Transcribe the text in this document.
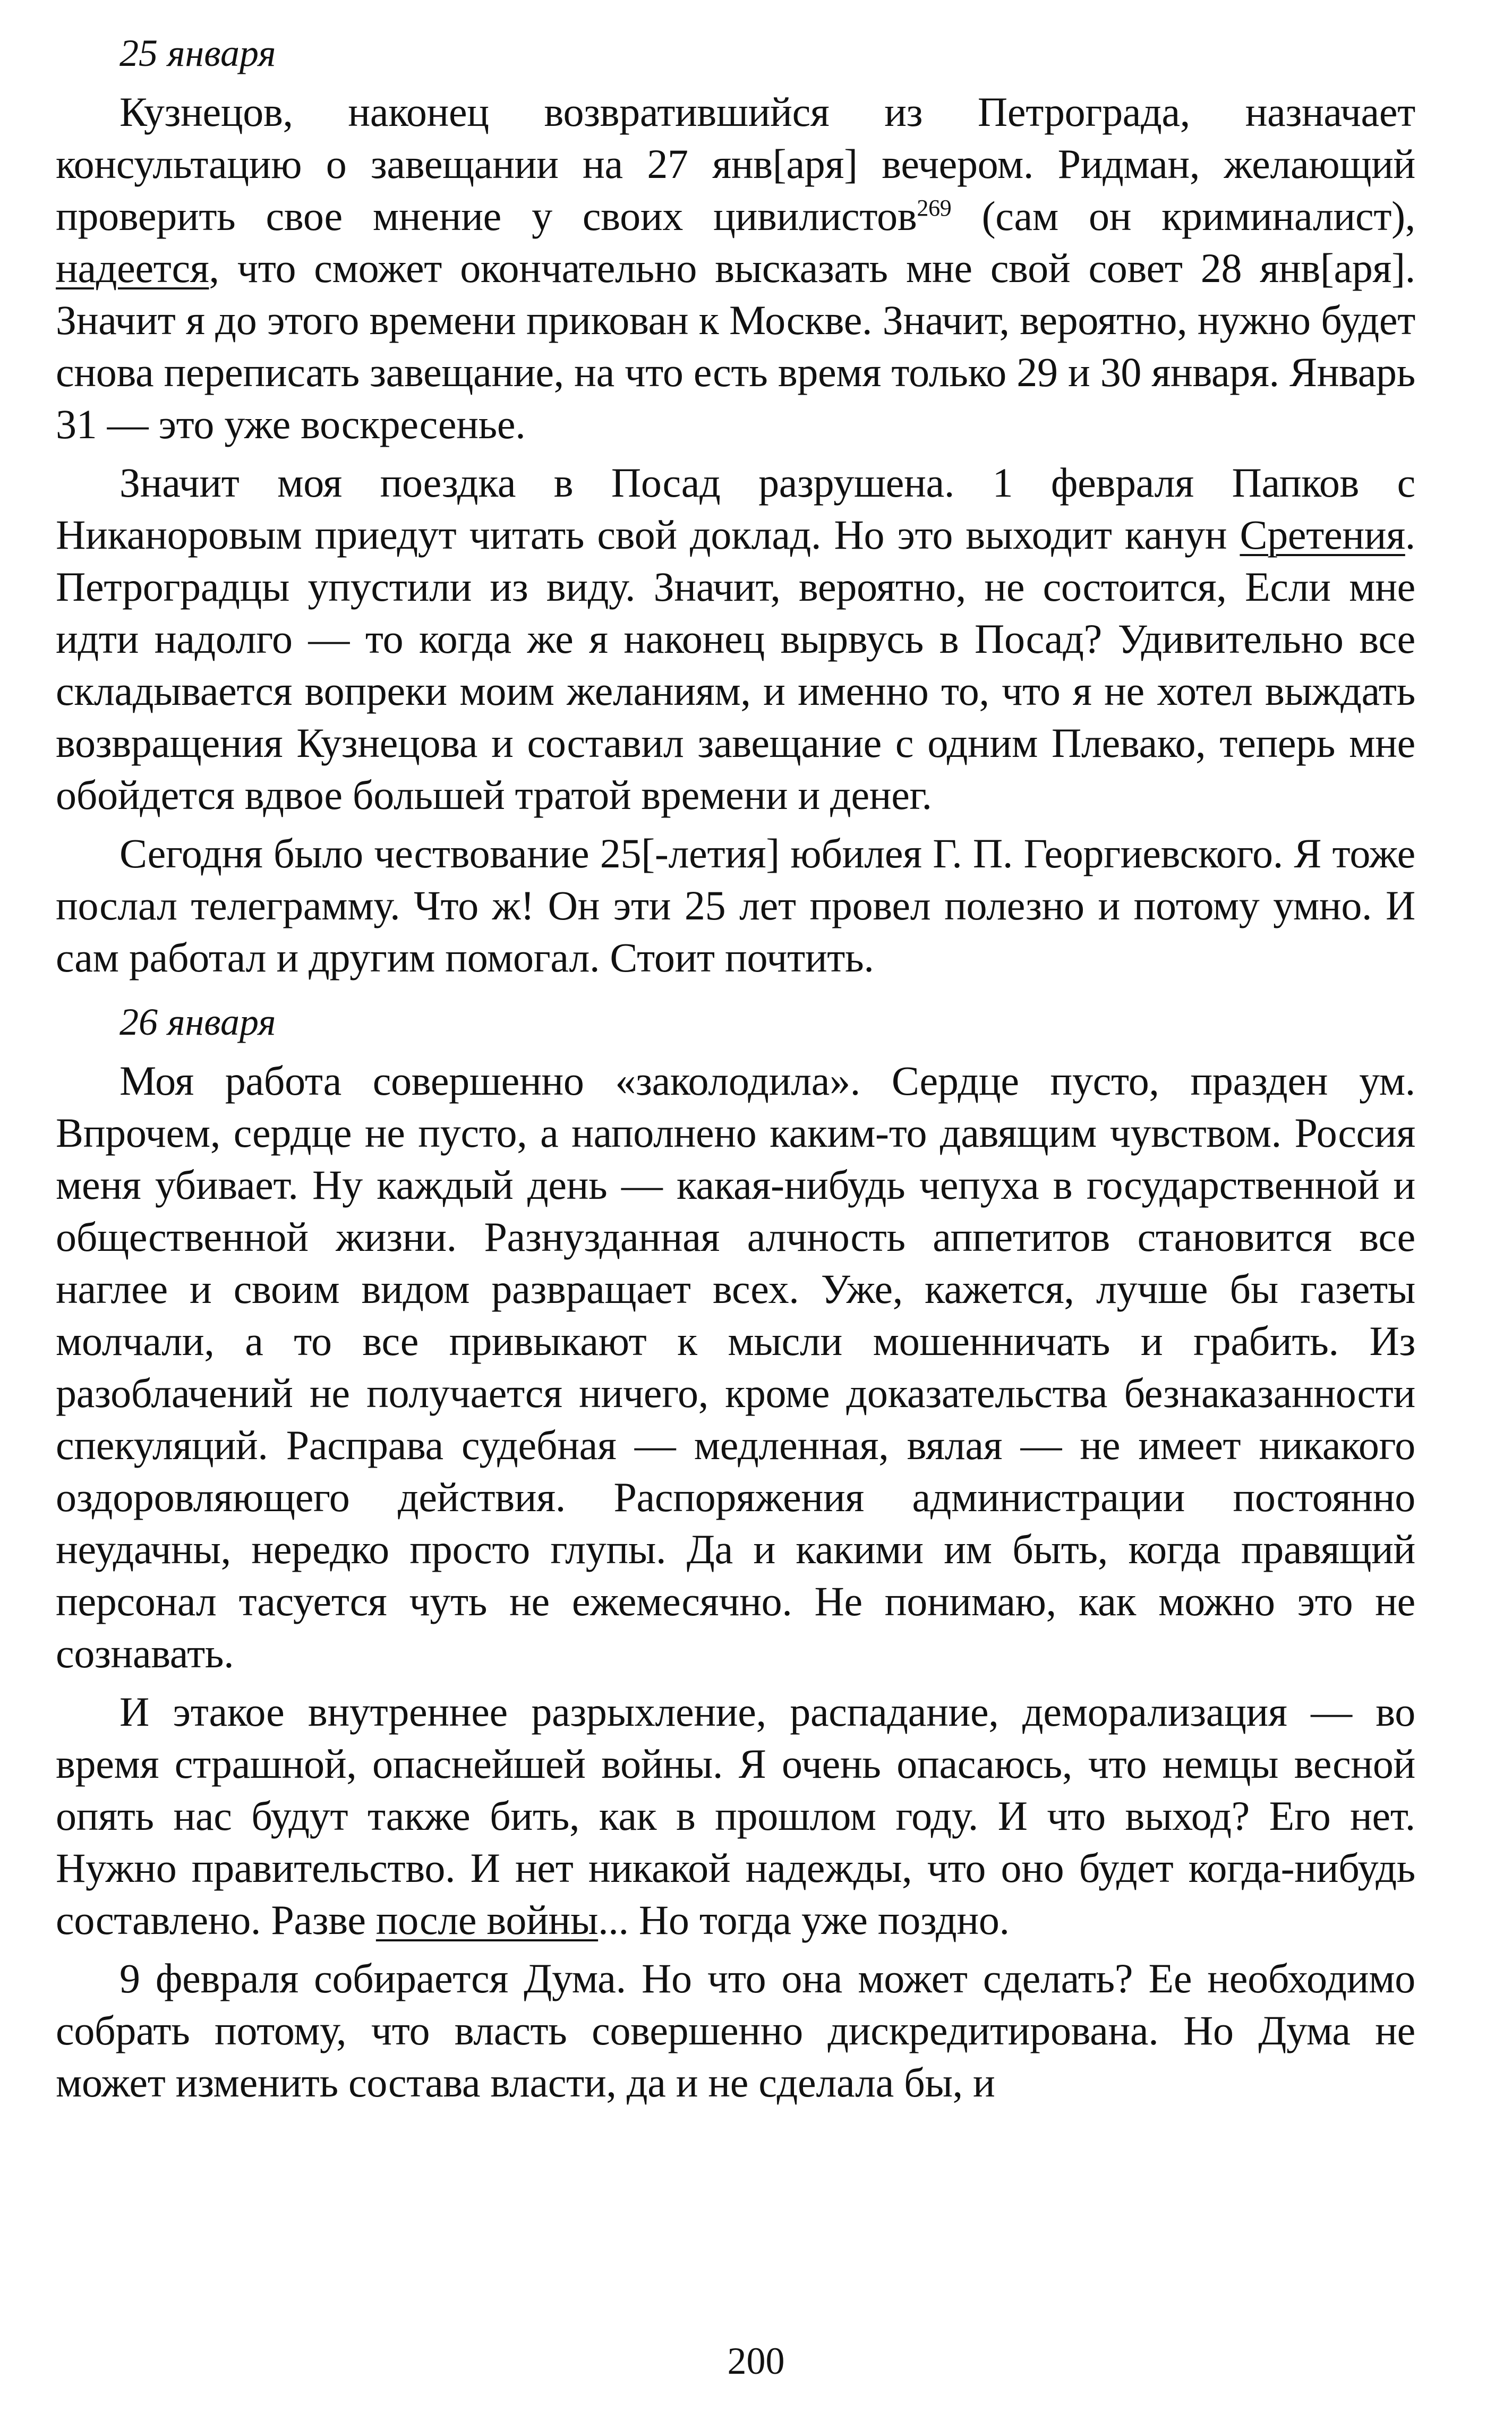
25 января

Кузнецов, наконец возвратившийся из Петрограда, назначает консультацию о завещании на 27 янв[аря] вечером. Ридман, желающий проверить свое мнение у своих цивилистов$^{269}$ (сам он криминалист), надеется, что сможет окончательно высказать мне свой совет 28 янв[аря]. Значит я до этого времени прикован к Москве. Значит, вероятно, нужно будет снова переписать завещание, на что есть время только 29 и 30 января. Январь 31 — это уже воскресенье.

Значит моя поездка в Посад разрушена. 1 февраля Папков с Никаноровым приедут читать свой доклад. Но это выходит канун Сретения. Петроградцы упустили из виду. Значит, вероятно, не состоится, Если мне идти надолго — то когда же я наконец вырвусь в Посад? Удивительно все складывается вопреки моим желаниям, и именно то, что я не хотел выждать возвращения Кузнецова и составил завещание с одним Плевако, теперь мне обойдется вдвое большей тратой времени и денег.

Сегодня было чествование 25[-летия] юбилея Г. П. Георгиевского. Я тоже послал телеграмму. Что ж! Он эти 25 лет провел полезно и потому умно. И сам работал и другим помогал. Стоит почтить.

26 января

Моя работа совершенно «заколодила». Сердце пусто, празден ум. Впрочем, сердце не пусто, а наполнено каким-то давящим чувством. Россия меня убивает. Ну каждый день — какая-нибудь чепуха в государственной и общественной жизни. Разнузданная алчность аппетитов становится все наглее и своим видом развращает всех. Уже, кажется, лучше бы газеты молчали, а то все привыкают к мысли мошенничать и грабить. Из разоблачений не получается ничего, кроме доказательства безнаказанности спекуляций. Расправа судебная — медленная, вялая — не имеет никакого оздоровляющего действия. Распоряжения администрации постоянно неудачны, нередко просто глупы. Да и какими им быть, когда правящий персонал тасуется чуть не ежемесячно. Не понимаю, как можно это не сознавать.

И этакое внутреннее разрыхление, распадание, деморализация — во время страшной, опаснейшей войны. Я очень опасаюсь, что немцы весной опять нас будут также бить, как в прошлом году. И что выход? Его нет. Нужно правительство. И нет никакой надежды, что оно будет когда-нибудь составлено. Разве после войны... Но тогда уже поздно.

9 февраля собирается Дума. Но что она может сделать? Ее необходимо собрать потому, что власть совершенно дискредитирована. Но Дума не может изменить состава власти, да и не сделала бы, и

200
